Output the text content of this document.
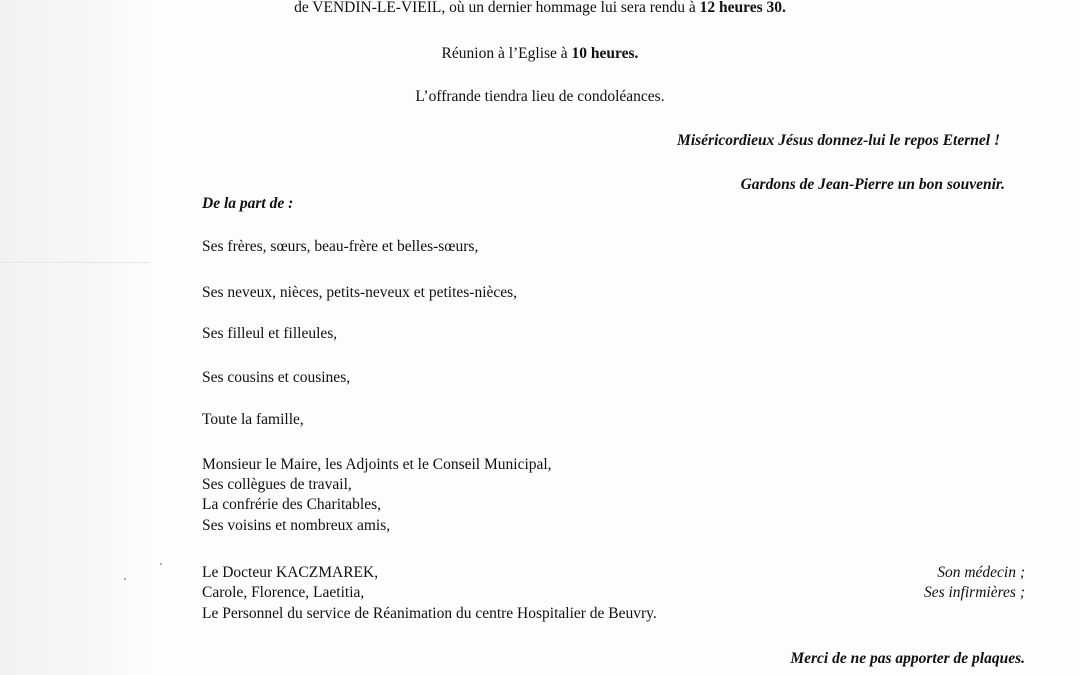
de VENDIN-LE-VIEIL, où un dernier hommage lui sera rendu à 12 heures 30.
Réunion à l’Eglise à 10 heures.
L’offrande tiendra lieu de condoléances.
Miséricordieux Jésus donnez-lui le repos Eternel !
Gardons de Jean-Pierre un bon souvenir.
De la part de :
Ses frères, sœurs, beau-frère et belles-sœurs,
Ses neveux, nièces, petits-neveux et petites-nièces,
Ses filleul et filleules,
Ses cousins et cousines,
Toute la famille,
Monsieur le Maire, les Adjoints et le Conseil Municipal,
Ses collègues de travail,
La confrérie des Charitables,
Ses voisins et nombreux amis,
Le Docteur KACZMAREK,	Son médecin ;
Carole, Florence, Laetitia,	Ses infirmières ;
Le Personnel du service de Réanimation du centre Hospitalier de Beuvry.
Merci de ne pas apporter de plaques.
